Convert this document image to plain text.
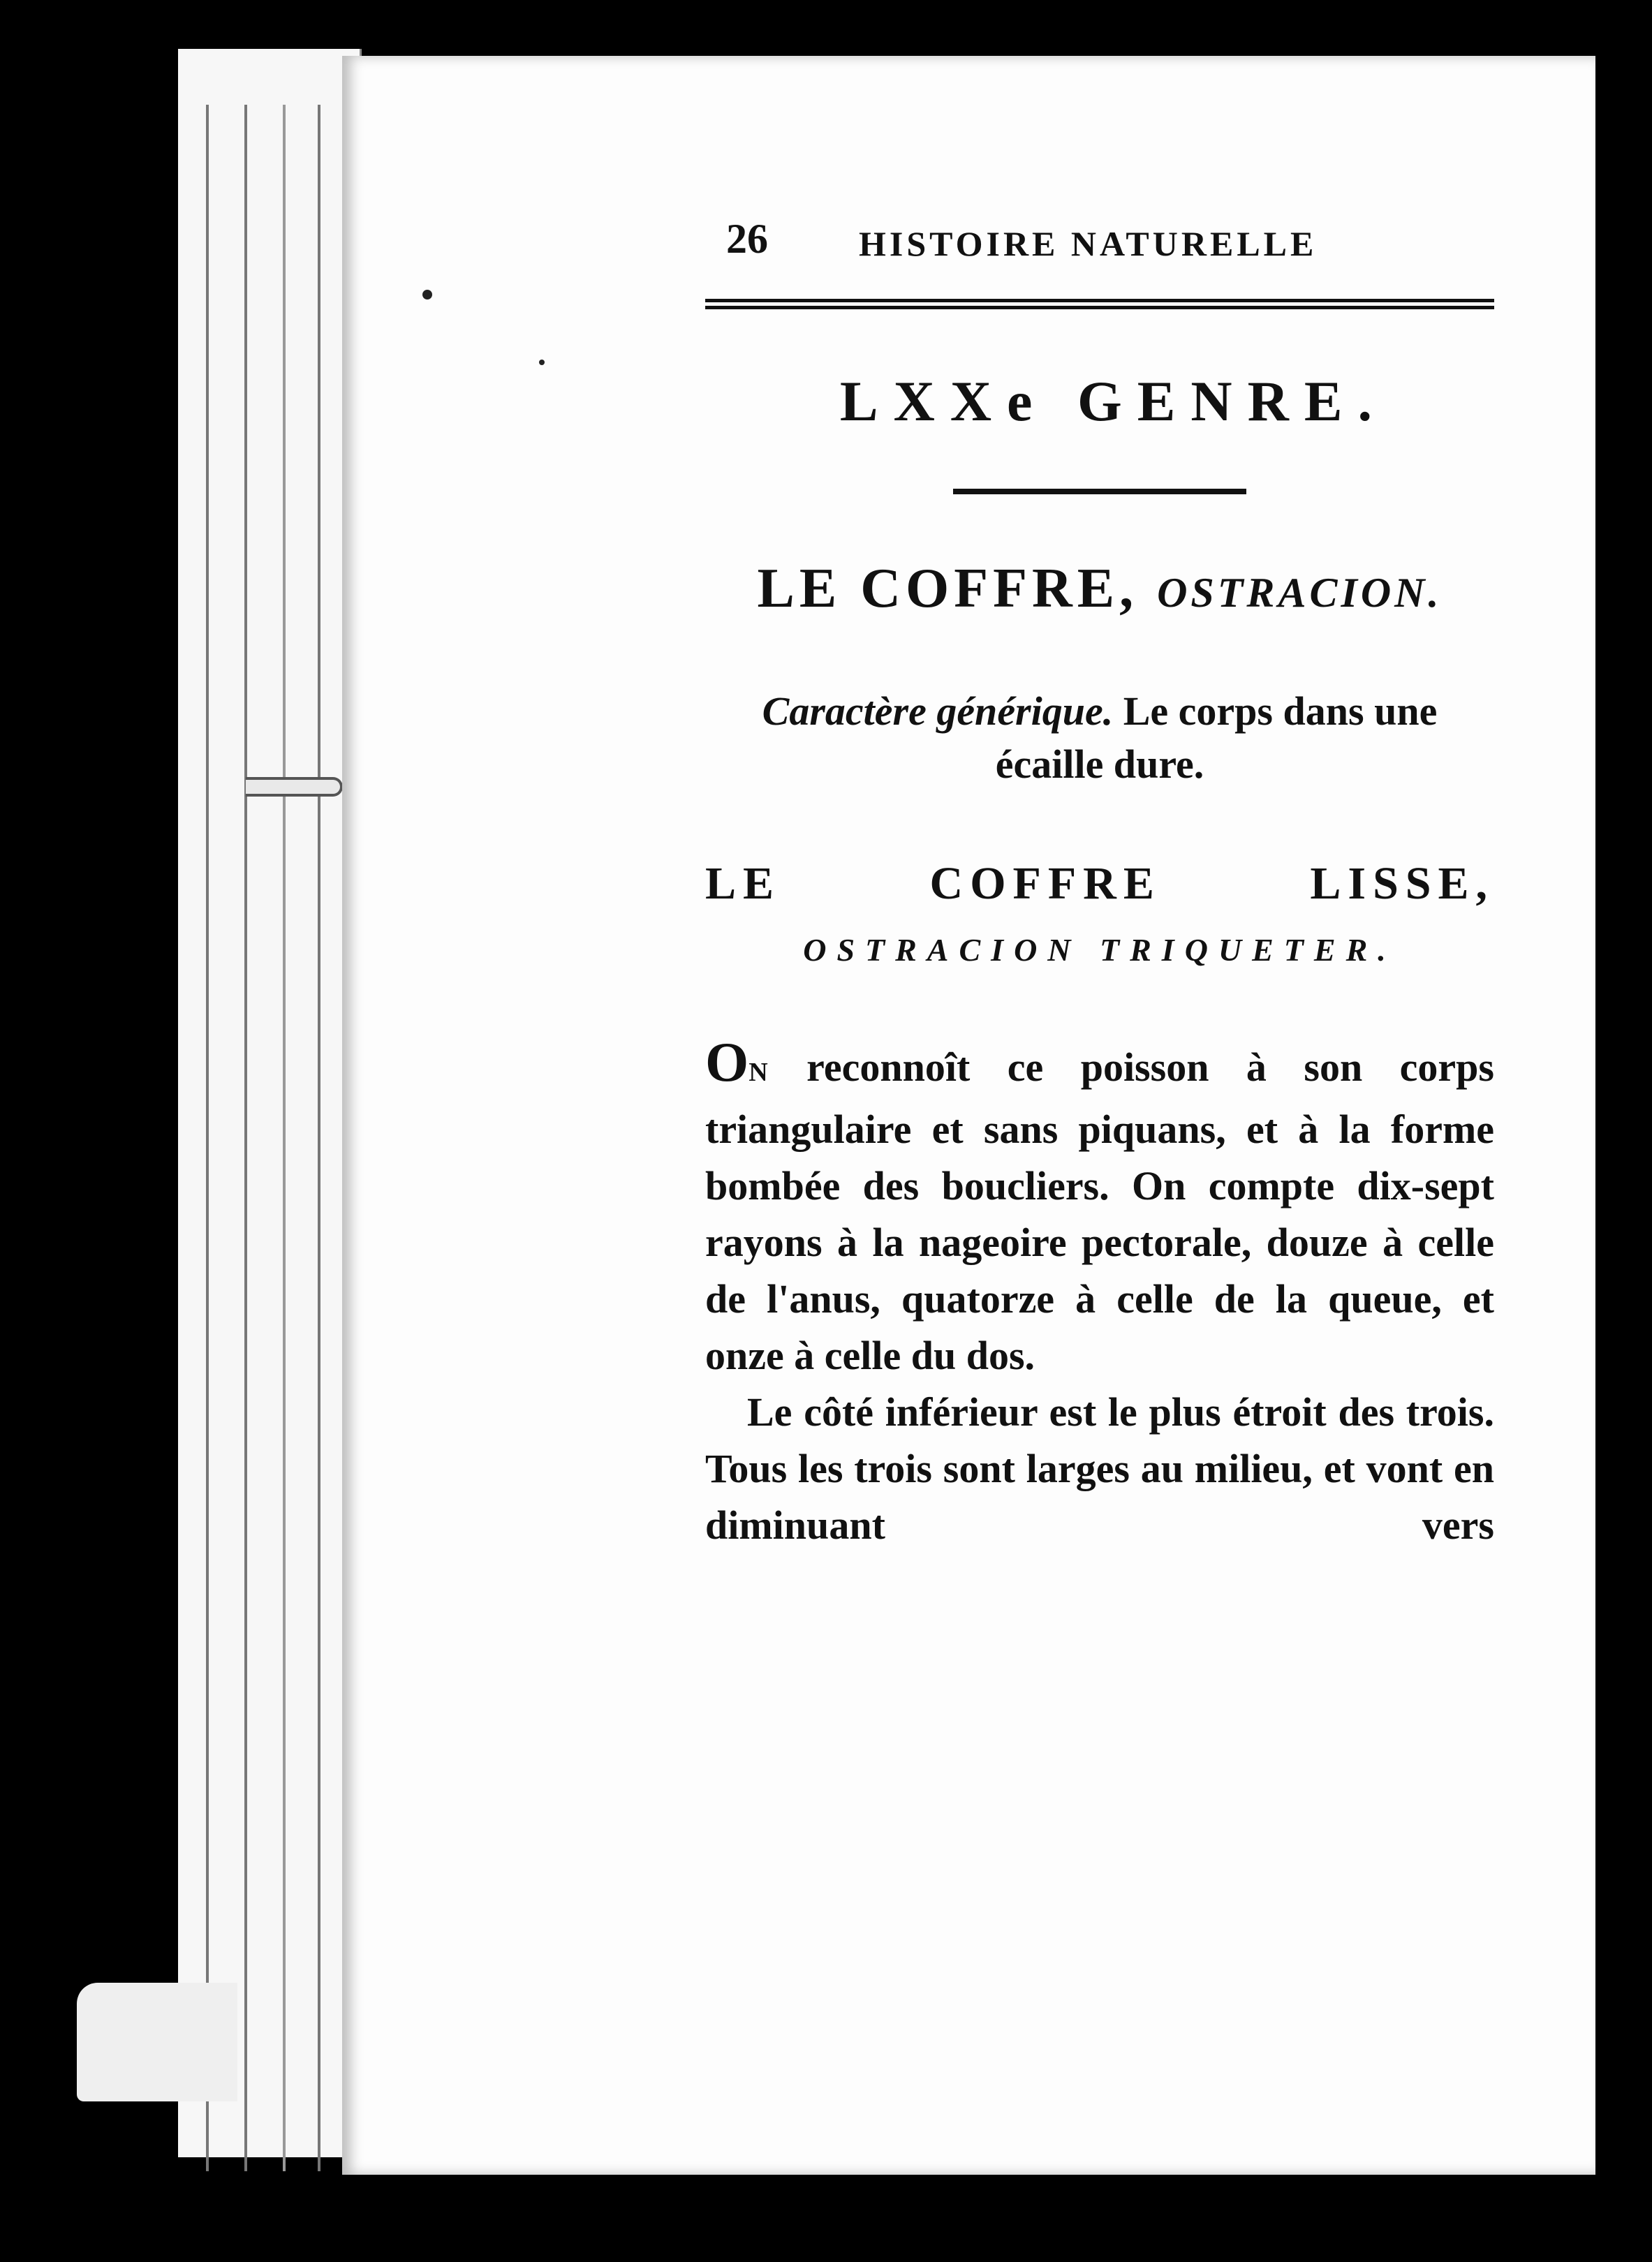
26	HISTOIRE NATURELLE
LXXe GENRE.
LE COFFRE, OSTRACION.
Caractère générique. Le corps dans une écaille dure.
LE COFFRE LISSE,
OSTRACION TRIQUETER.

ON reconnoît ce poisson à son corps triangulaire et sans piquans, et à la forme bombée des boucliers. On compte dix-sept rayons à la nageoire pectorale, douze à celle de l'anus, quatorze à celle de la queue, et onze à celle du dos.

Le côté inférieur est le plus étroit des trois. Tous les trois sont larges au milieu, et vont en diminuant vers
